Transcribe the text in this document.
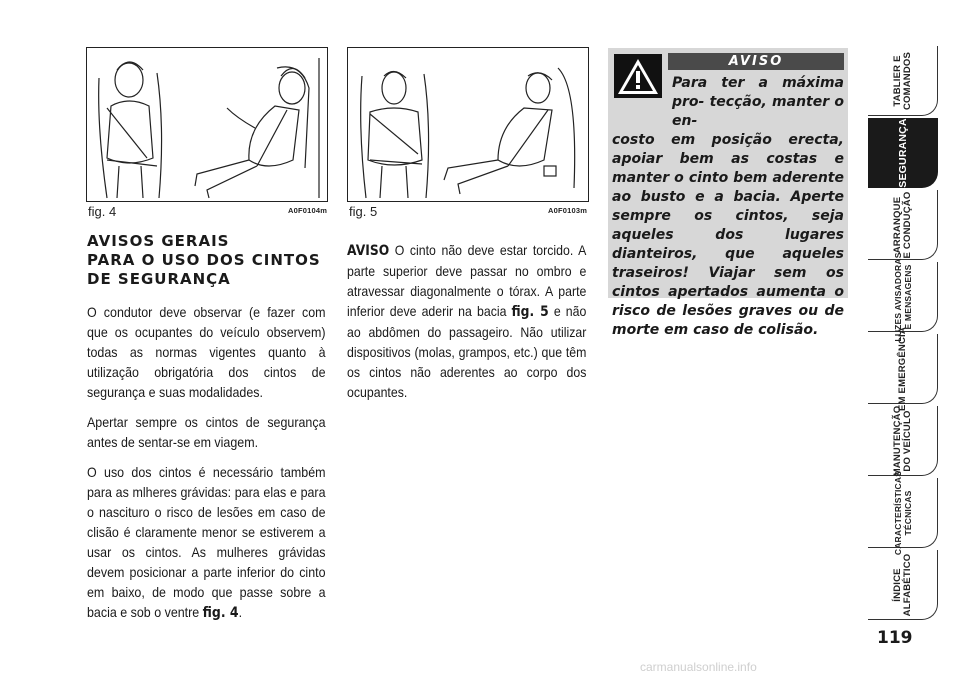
fig. 4	A0F0104m fig. 5	A0F0103m
AVISOS GERAIS
PARA O USO DOS CINTOS
DE SEGURANÇA

O condutor deve observar (e fazer com que os ocupantes do veículo observem) todas as normas vigentes quanto à utilização obrigatória dos cintos de segurança e suas modalidades.

Apertar sempre os cintos de segurança antes de sentar-se em viagem.

O uso dos cintos é necessário também para as mlheres grávidas: para elas e para o nascituro o risco de lesões em caso de clisão é claramente menor se estiverem a usar os cintos. As mulheres grávidas devem posicionar a parte inferior do cinto em baixo, de modo que passe sobre a bacia e sob o ventre fig. 4.

AVISO O cinto não deve estar torcido. A parte superior deve passar no ombro e atravessar diagonalmente o tórax. A parte inferior deve aderir na bacia fig. 5 e não ao abdômen do passageiro. Não utilizar dispositivos (molas, grampos, etc.) que têm os cintos não aderentes ao corpo dos ocupantes.

AVISO
Para ter a máxima pro- tecção, manter o en-
costo em posição erecta, apoiar bem as costas e manter o cinto bem aderente ao busto e a bacia. Aperte sempre os cintos, seja aqueles dos lugares dianteiros, que aqueles traseiros! Viajar sem os cintos apertados aumenta o risco de lesões graves ou de morte em caso de colisão.
TABLIER E
COMANDOS
SEGURANÇA
ARRANQUE
E CONDUÇÃO
LUZES AVISADORAS
E MENSAGENS
EM EMERGÊNCIA
MANUTENÇÃO
DO VEÍCULO
CARACTERÍSTICAS
TÉCNICAS
ÍNDICE
ALFABÉTICO
119
carmanualsonline.info
